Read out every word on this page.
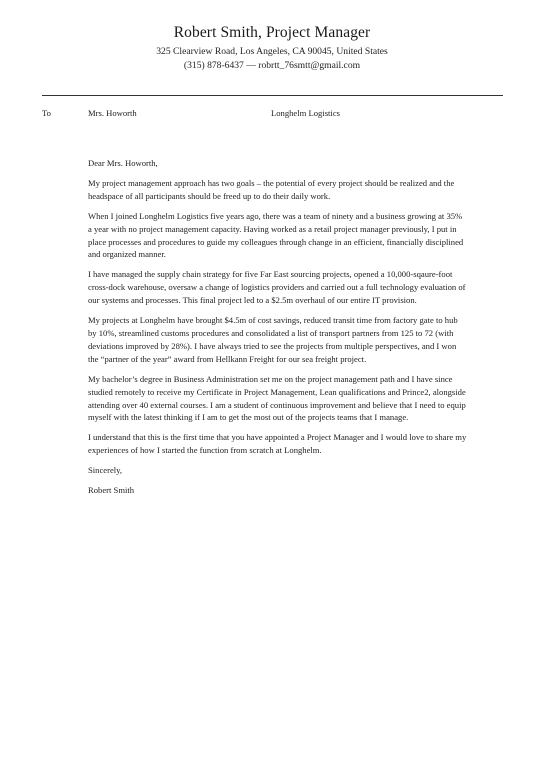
Robert Smith, Project Manager
325 Clearview Road, Los Angeles, CA 90045, United States
(315) 878-6437 — robrtt_76smtt@gmail.com
To	Mrs. Howorth	Longhelm Logistics

Dear Mrs. Howorth,

My project management approach has two goals – the potential of every project should be realized and the headspace of all participants should be freed up to do their daily work.

When I joined Longhelm Logistics five years ago, there was a team of ninety and a business growing at 35% a year with no project management capacity. Having worked as a retail project manager previously, I put in place processes and procedures to guide my colleagues through change in an efficient, financially disciplined and organized manner.

I have managed the supply chain strategy for five Far East sourcing projects, opened a 10,000-sqaure-foot cross-dock warehouse, oversaw a change of logistics providers and carried out a full technology evaluation of our systems and processes. This final project led to a $2.5m overhaul of our entire IT provision.

My projects at Longhelm have brought $4.5m of cost savings, reduced transit time from factory gate to hub by 10%, streamlined customs procedures and consolidated a list of transport partners from 125 to 72 (with deviations improved by 28%). I have always tried to see the projects from multiple perspectives, and I won the “partner of the year” award from Hellkann Freight for our sea freight project.

My bachelor’s degree in Business Administration set me on the project management path and I have since studied remotely to receive my Certificate in Project Management, Lean qualifications and Prince2, alongside attending over 40 external courses. I am a student of continuous improvement and believe that I need to equip myself with the latest thinking if I am to get the most out of the projects teams that I manage.

I understand that this is the first time that you have appointed a Project Manager and I would love to share my experiences of how I started the function from scratch at Longhelm.

Sincerely,

Robert Smith
